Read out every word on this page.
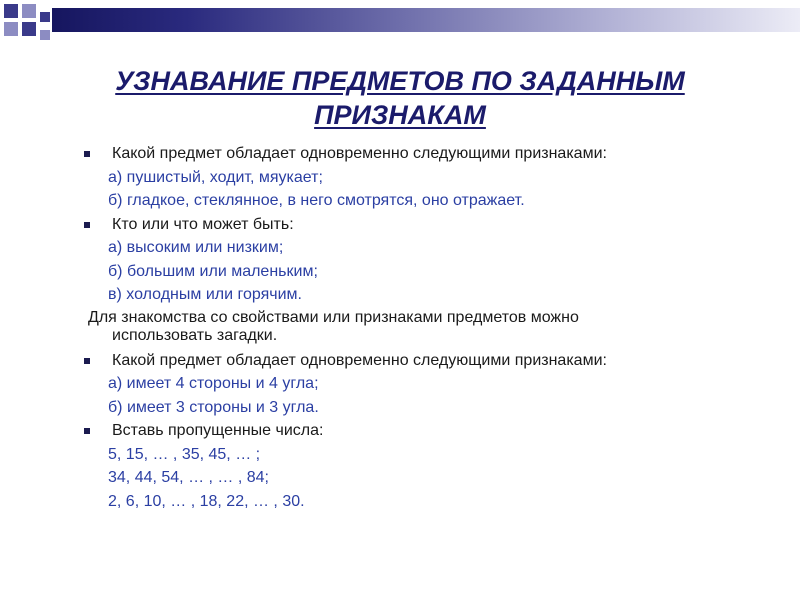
УЗНАВАНИЕ ПРЕДМЕТОВ ПО ЗАДАННЫМ ПРИЗНАКАМ
Какой предмет обладает одновременно следующими признаками:
а) пушистый, ходит, мяукает;
б) гладкое, стеклянное, в него смотрятся, оно отражает.
Кто или что может быть:
а) высоким или низким;
б) большим или маленьким;
в) холодным или горячим.
Для знакомства со свойствами или признаками предметов можно
использовать загадки.
Какой предмет обладает одновременно следующими признаками:
а) имеет 4 стороны и 4 угла;
б) имеет 3 стороны и 3 угла.
Вставь пропущенные числа:
5, 15, … , 35, 45, … ;
34, 44, 54, … , … , 84;
2, 6, 10, … , 18, 22, … , 30.
